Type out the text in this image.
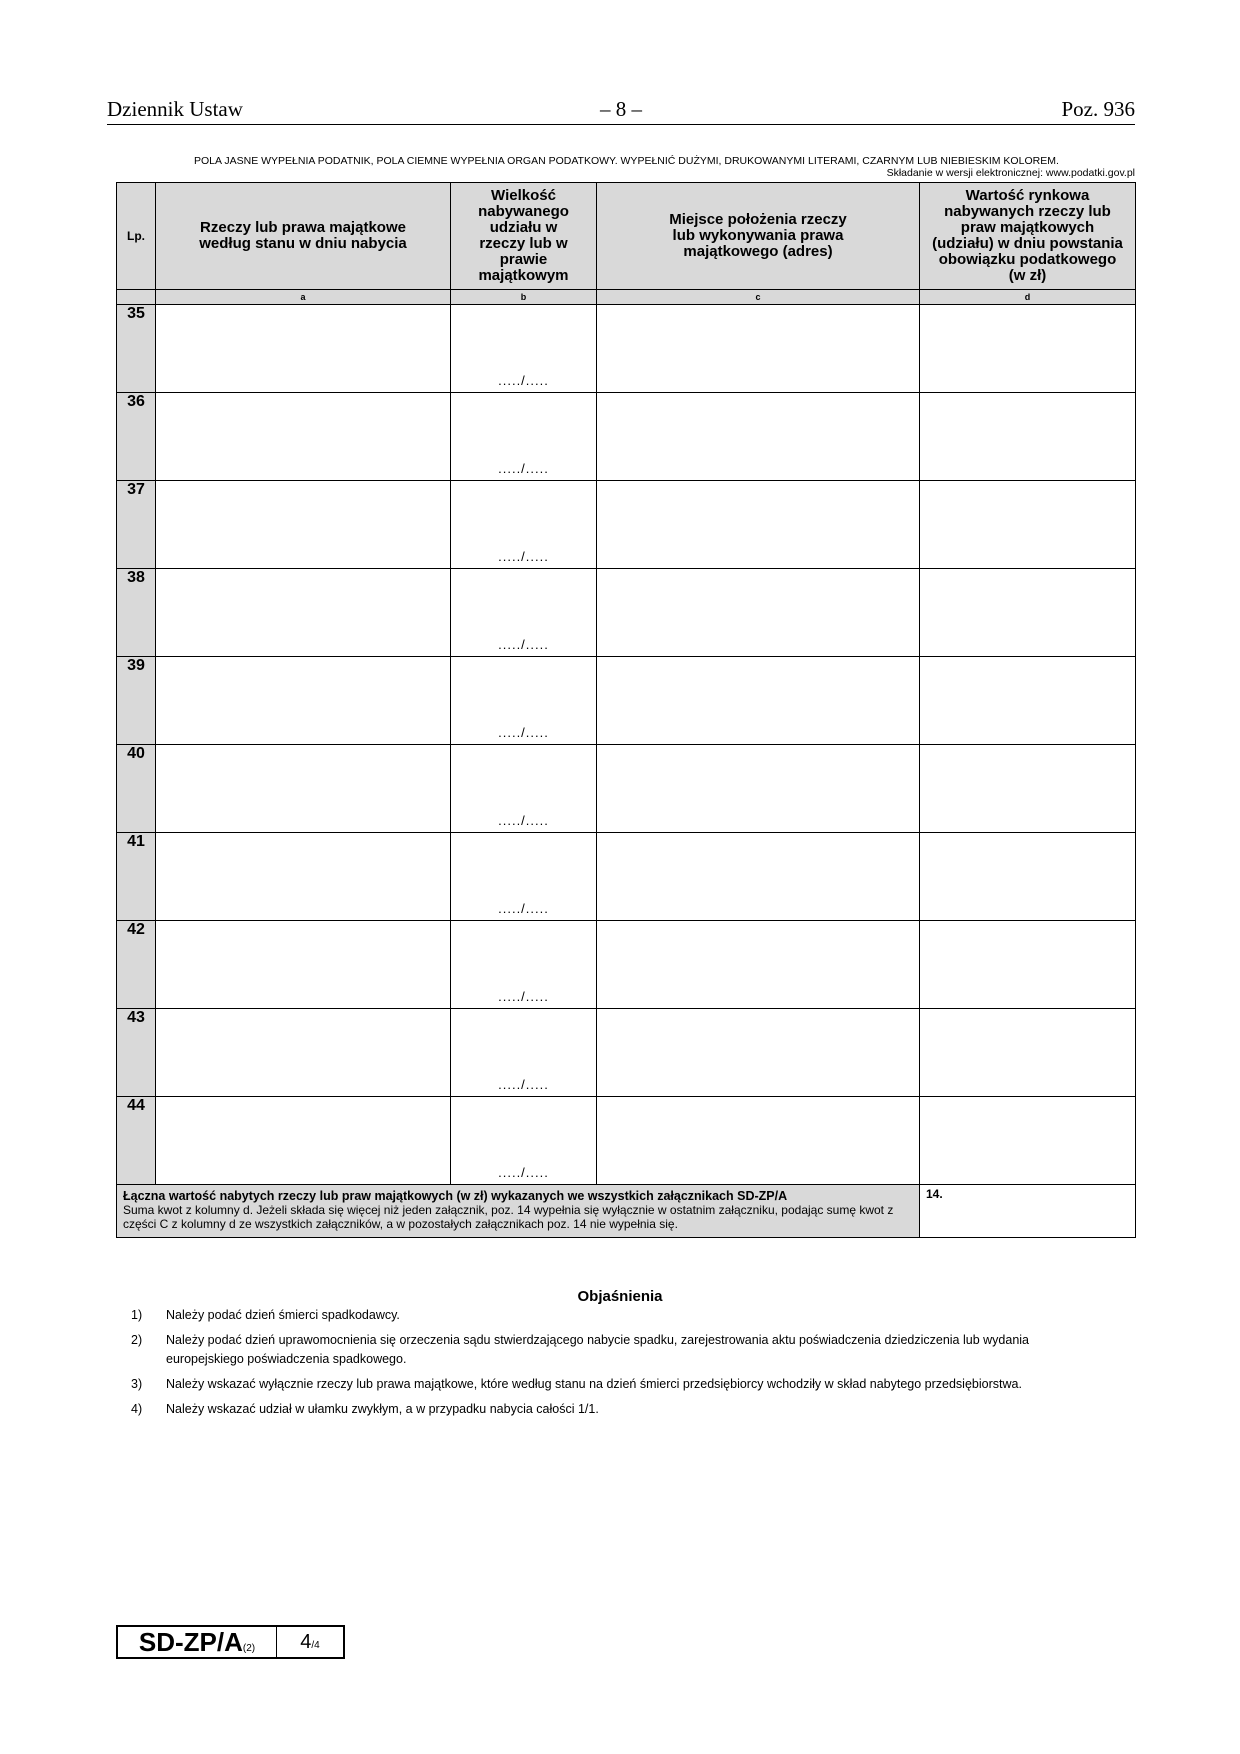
Dziennik Ustaw	– 8 –	Poz. 936
POLA JASNE WYPEŁNIA PODATNIK, POLA CIEMNE WYPEŁNIA ORGAN PODATKOWY. WYPEŁNIĆ DUŻYMI, DRUKOWANYMI LITERAMI, CZARNYM LUB NIEBIESKIM KOLOREM.
Składanie w wersji elektronicznej: www.podatki.gov.pl
Lp.	Rzeczy lub prawa majątkowe według stanu w dniu nabycia	Wielkość nabywanego udziału w rzeczy lub w prawie majątkowym	Miejsce położenia rzeczy lub wykonywania prawa majątkowego (adres)	Wartość rynkowa nabywanych rzeczy lub praw majątkowych (udziału) w dniu powstania obowiązku podatkowego (w zł)
	a	b	c	d
35		...../.....		

36		...../.....		

37		...../.....		

38		...../.....		

39		...../.....		

40		...../.....		

41		...../.....		

42		...../.....		

43		...../.....		

44		...../.....		

Łączna wartość nabytych rzeczy lub praw majątkowych (w zł) wykazanych we wszystkich załącznikach SD-ZP/A
Suma kwot z kolumny d. Jeżeli składa się więcej niż jeden załącznik, poz. 14 wypełnia się wyłącznie w ostatnim załączniku, podając sumę kwot z części C z kolumny d ze wszystkich załączników, a w pozostałych załącznikach poz. 14 nie wypełnia się.				14.
Objaśnienia
1)	Należy podać dzień śmierci spadkodawcy.
2)	Należy podać dzień uprawomocnienia się orzeczenia sądu stwierdzającego nabycie spadku, zarejestrowania aktu poświadczenia dziedziczenia lub wydania europejskiego poświadczenia spadkowego.
3)	Należy wskazać wyłącznie rzeczy lub prawa majątkowe, które według stanu na dzień śmierci przedsiębiorcy wchodziły w skład nabytego przedsiębiorstwa.
4)	Należy wskazać udział w ułamku zwykłym, a w przypadku nabycia całości 1/1.
SD-ZP/A(2)	4/4
